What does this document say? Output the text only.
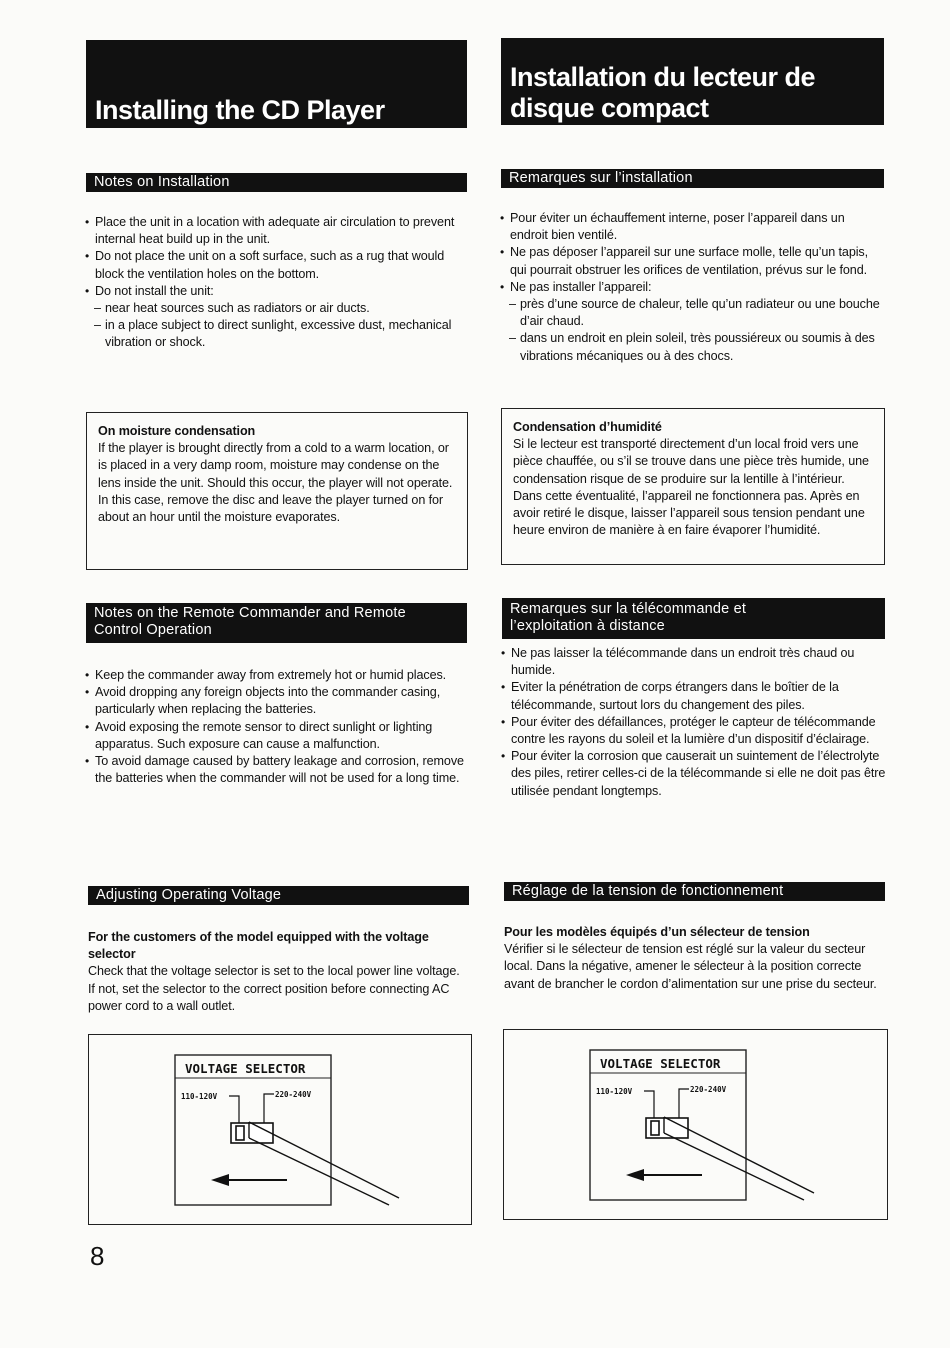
Installing the CD Player
Notes on Installation
• Place the unit in a location with adequate air circulation to prevent internal heat build up in the unit.
• Do not place the unit on a soft surface, such as a rug that would block the ventilation holes on the bottom.
• Do not install the unit:
– near heat sources such as radiators or air ducts.
– in a place subject to direct sunlight, excessive dust, mechanical vibration or shock.

On moisture condensation

If the player is brought directly from a cold to a warm location, or is placed in a very damp room, moisture may condense on the lens inside the unit. Should this occur, the player will not operate. In this case, remove the disc and leave the player turned on for about an hour until the moisture evaporates.

Notes on the Remote Commander and Remote
Control Operation
• Keep the commander away from extremely hot or humid places.
• Avoid dropping any foreign objects into the commander casing, particularly when replacing the batteries.
• Avoid exposing the remote sensor to direct sunlight or lighting apparatus. Such exposure can cause a malfunction.
• To avoid damage caused by battery leakage and corrosion, remove the batteries when the commander will not be used for a long time.
Adjusting Operating Voltage

For the customers of the model equipped with the voltage selector

Check that the voltage selector is set to the local power line voltage. If not, set the selector to the correct position before connecting AC power cord to a wall outlet.

VOLTAGE SELECTOR
110-120V	220-240V
Installation du lecteur de
disque compact
Remarques sur l’installation
• Pour éviter un échauffement interne, poser l’appareil dans un endroit bien ventilé.
• Ne pas déposer l’appareil sur une surface molle, telle qu’un tapis, qui pourrait obstruer les orifices de ventilation, prévus sur le fond.
• Ne pas installer l’appareil:
– près d’une source de chaleur, telle qu’un radiateur ou une bouche d’air chaud.
– dans un endroit en plein soleil, très poussiéreux ou soumis à des vibrations mécaniques ou à des chocs.

Condensation d’humidité

Si le lecteur est transporté directement d’un local froid vers une pièce chauffée, ou s’il se trouve dans une pièce très humide, une condensation risque de se produire sur la lentille à l’intérieur. Dans cette éventualité, l’appareil ne fonctionnera pas. Après en avoir retiré le disque, laisser l’appareil sous tension pendant une heure environ de manière à en faire évaporer l’humidité.

Remarques sur la télécommande et
l’exploitation à distance
• Ne pas laisser la télécommande dans un endroit très chaud ou humide.
• Eviter la pénétration de corps étrangers dans le boîtier de la télécommande, surtout lors du changement des piles.
• Pour éviter des défaillances, protéger le capteur de télécommande contre les rayons du soleil et la lumière d’un dispositif d’éclairage.
• Pour éviter la corrosion que causerait un suintement de l’électrolyte des piles, retirer celles-ci de la télécommande si elle ne doit pas être utilisée pendant longtemps.
Réglage de la tension de fonctionnement

Pour les modèles équipés d’un sélecteur de tension

Vérifier si le sélecteur de tension est réglé sur la valeur du secteur local. Dans la négative, amener le sélecteur à la position correcte avant de brancher le cordon d’alimentation sur une prise du secteur.

VOLTAGE SELECTOR
110-120V	220-240V
8
